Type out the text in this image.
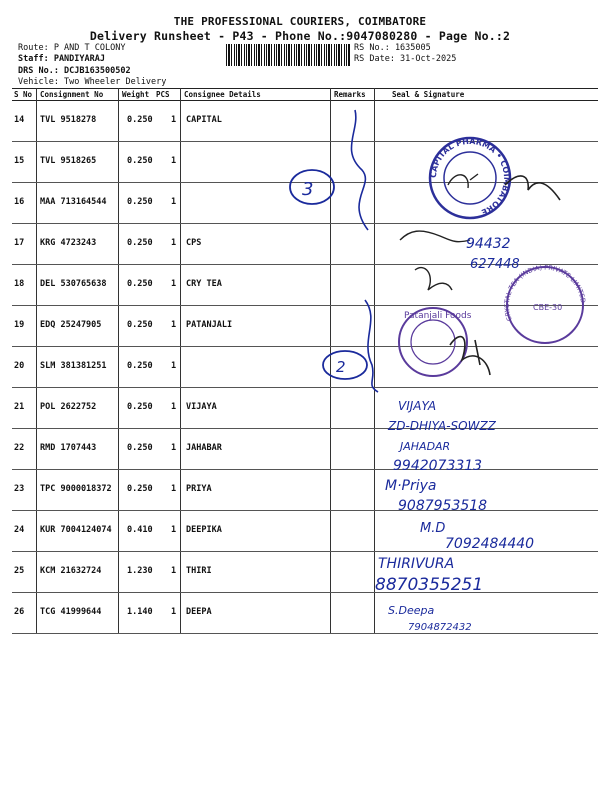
THE PROFESSIONAL COURIERS, COIMBATORE
Delivery Runsheet - P43 - Phone No.:9047080280 - Page No.:2
Route: P AND T COLONY
Staff: PANDIYARAJ
DRS No.: DCJB163500502
Vehicle: Two Wheeler Delivery
RS No.: 1635005
RS Date: 31-Oct-2025
S No Consignment No	Weight PCS Consignee Details	Remarks	Seal & Signature
14 TVL 9518278	0.250 1 CAPITAL
15 TVL 9518265	0.250 1
16 MAA 713164544 0.250 1
17 KRG 4723243	0.250 1 CPS
18 DEL 530765638 0.250 1 CRY TEA
19 EDQ 25247905	0.250 1 PATANJALI
20 SLM 381381251 0.250 1
21 POL 2622752	0.250 1 VIJAYA
22 RMD 1707443	0.250 1 JAHABAR
23 TPC 9000018372 0.250 1 PRIYA
24 KUR 7004124074 0.410 1 DEEPIKA
25 KCM 21632724	1.230 1 THIRI
26 TCG 41999644	1.140 1 DEEPA
CAPITAL PHARMA • COIMBATORE
3
2
CRYSTAL TEA (INDIA) PRIVATE LIMITED
CBE-30
Patanjali Foods
94432
627448
VIJAYA
ZD-DHIYA-SOWZZ
JAHADAR
9942073313
M·Priya
9087953518
M.D
7092484440
THIRIVURA
8870355251
S.Deepa
7904872432
